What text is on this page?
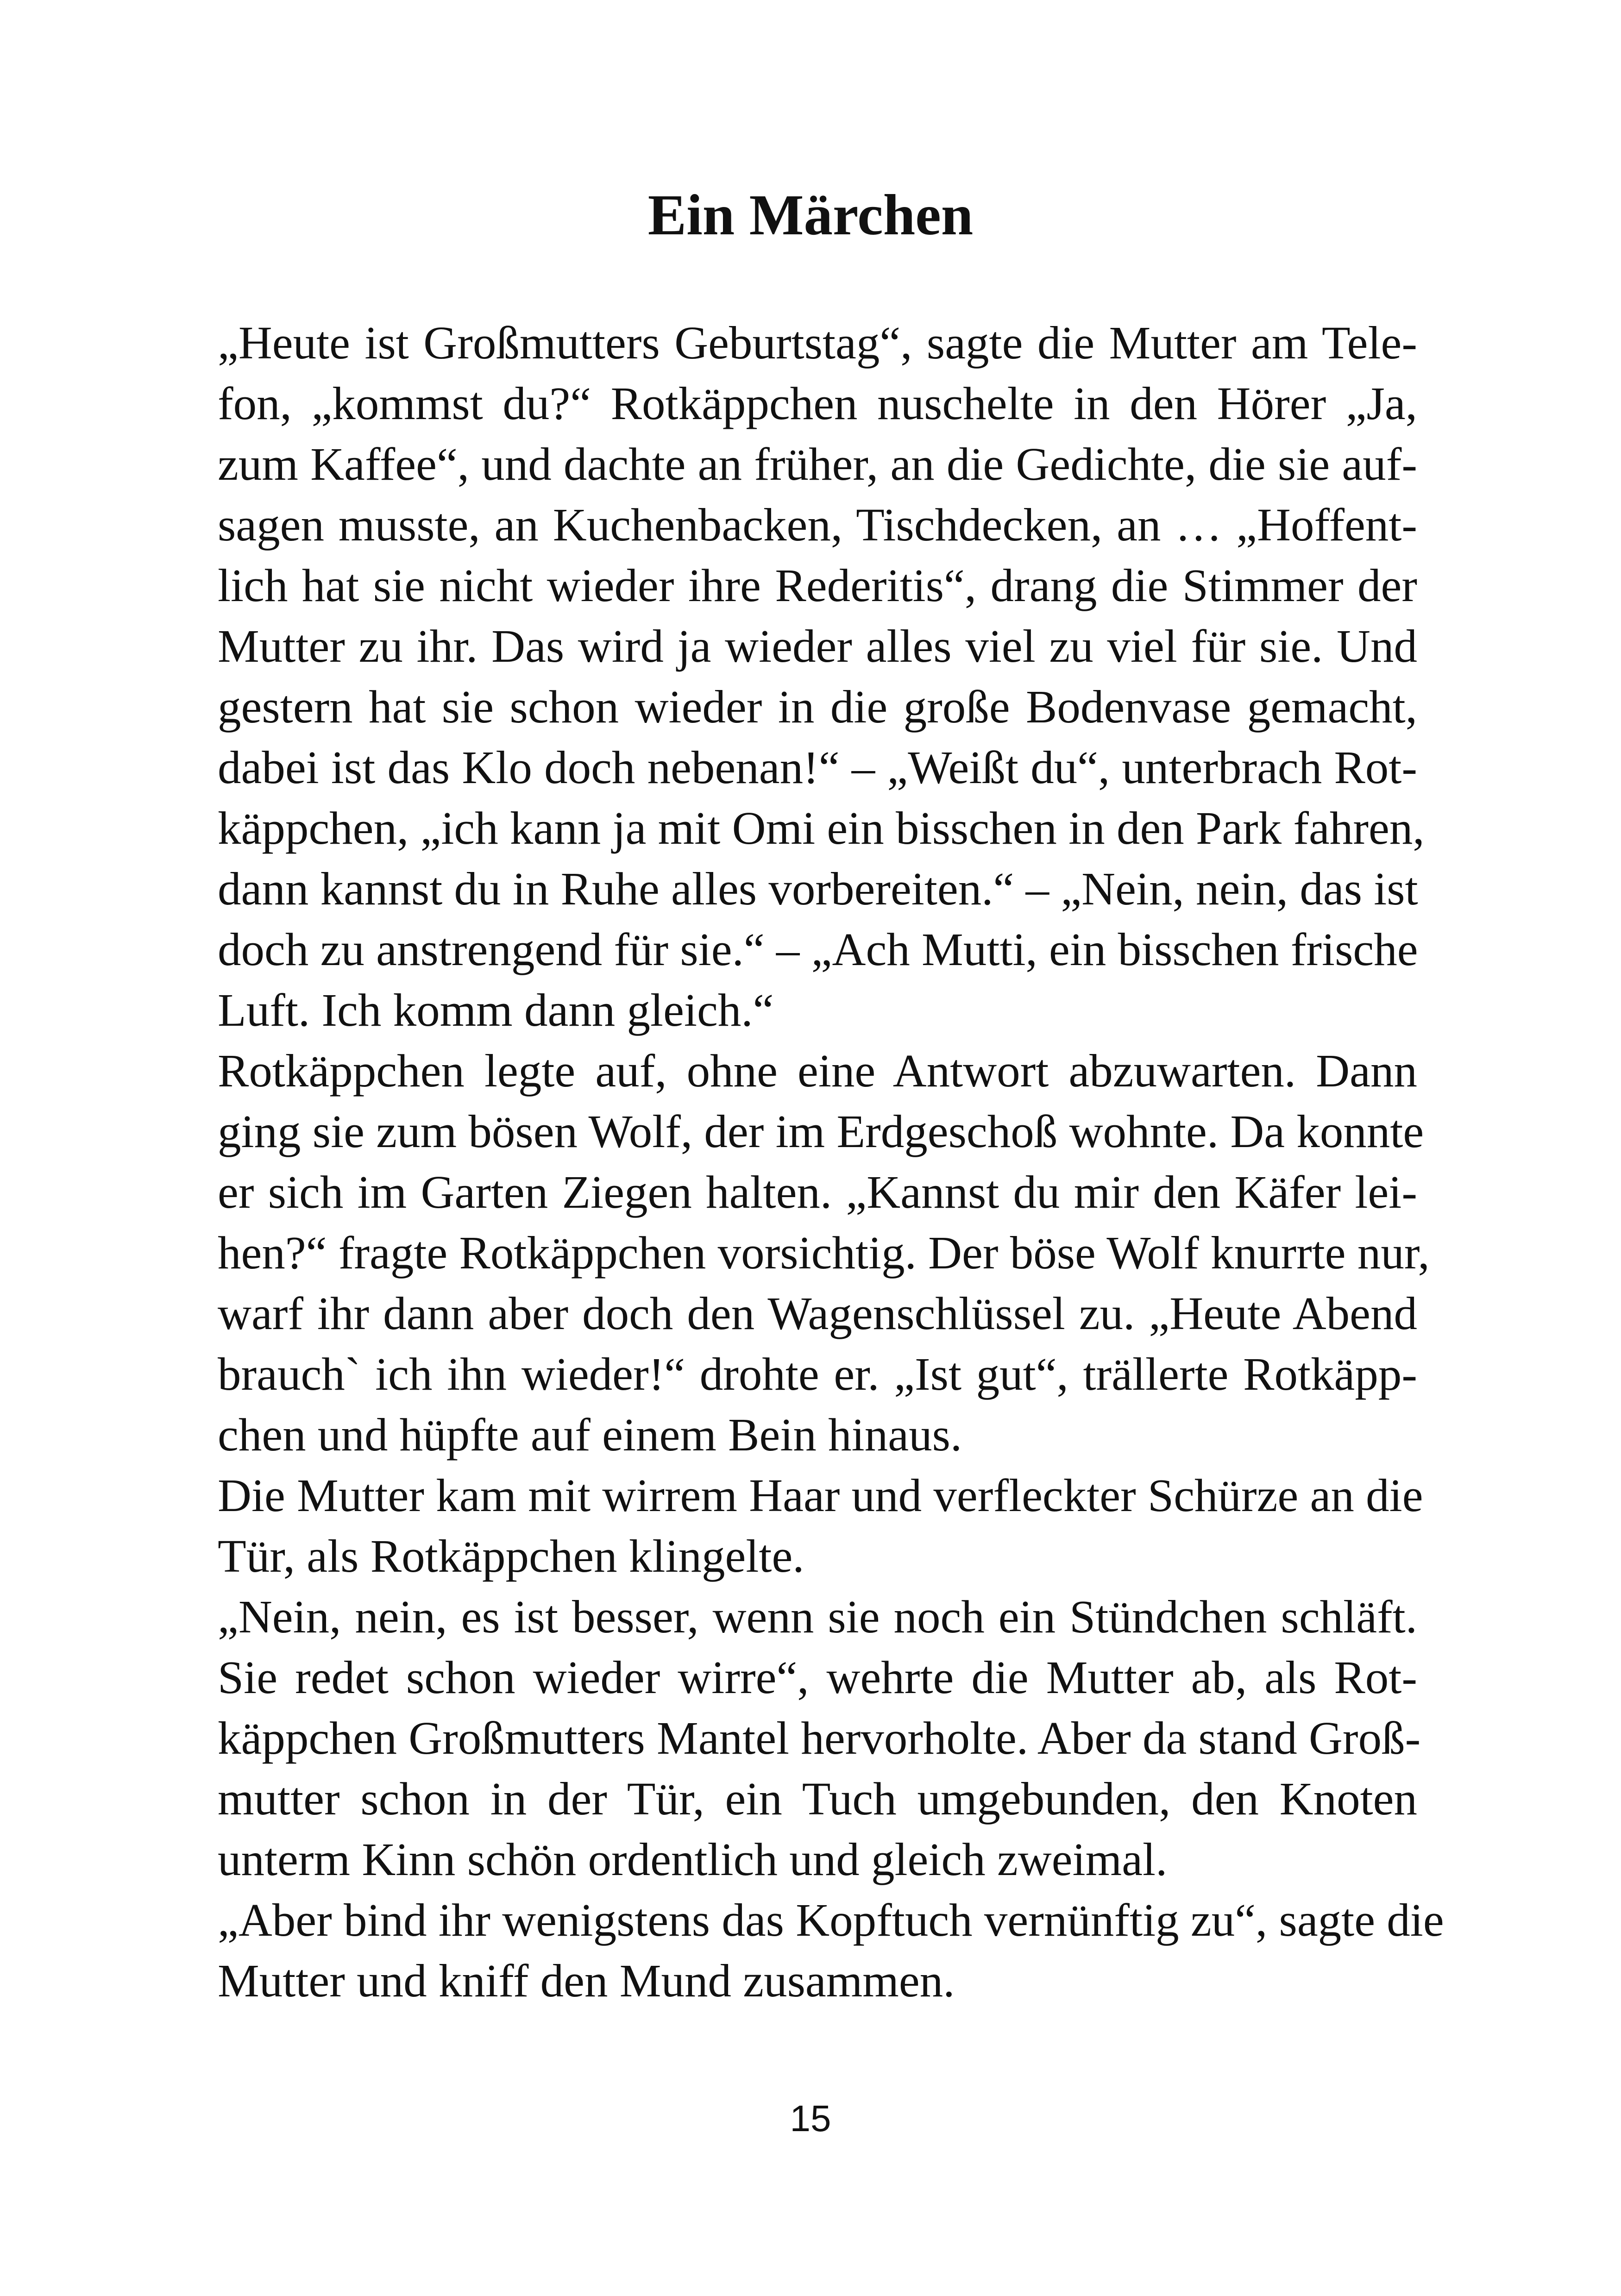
Ein Märchen
„Heute ist Großmutters Geburtstag“, sagte die Mutter am Tele-
fon, „kommst du?“ Rotkäppchen nuschelte in den Hörer „Ja,
zum Kaffee“, und dachte an früher, an die Gedichte, die sie auf-
sagen musste, an Kuchenbacken, Tischdecken, an … „Hoffent-
lich hat sie nicht wieder ihre Rederitis“, drang die Stimmer der
Mutter zu ihr. Das wird ja wieder alles viel zu viel für sie. Und
gestern hat sie schon wieder in die große Bodenvase gemacht,
dabei ist das Klo doch nebenan!“ – „Weißt du“, unterbrach Rot-
käppchen, „ich kann ja mit Omi ein bisschen in den Park fahren,
dann kannst du in Ruhe alles vorbereiten.“ – „Nein, nein, das ist
doch zu anstrengend für sie.“ – „Ach Mutti, ein bisschen frische
Luft. Ich komm dann gleich.“
Rotkäppchen legte auf, ohne eine Antwort abzuwarten. Dann
ging sie zum bösen Wolf, der im Erdgeschoß wohnte. Da konnte
er sich im Garten Ziegen halten. „Kannst du mir den Käfer lei-
hen?“ fragte Rotkäppchen vorsichtig. Der böse Wolf knurrte nur,
warf ihr dann aber doch den Wagenschlüssel zu. „Heute Abend
brauch` ich ihn wieder!“ drohte er. „Ist gut“, trällerte Rotkäpp-
chen und hüpfte auf einem Bein hinaus.
Die Mutter kam mit wirrem Haar und verfleckter Schürze an die
Tür, als Rotkäppchen klingelte.
„Nein, nein, es ist besser, wenn sie noch ein Stündchen schläft.
Sie redet schon wieder wirre“, wehrte die Mutter ab, als Rot-
käppchen Großmutters Mantel hervorholte. Aber da stand Groß-
mutter schon in der Tür, ein Tuch umgebunden, den Knoten
unterm Kinn schön ordentlich und gleich zweimal.
„Aber bind ihr wenigstens das Kopftuch vernünftig zu“, sagte die
Mutter und kniff den Mund zusammen.
15
